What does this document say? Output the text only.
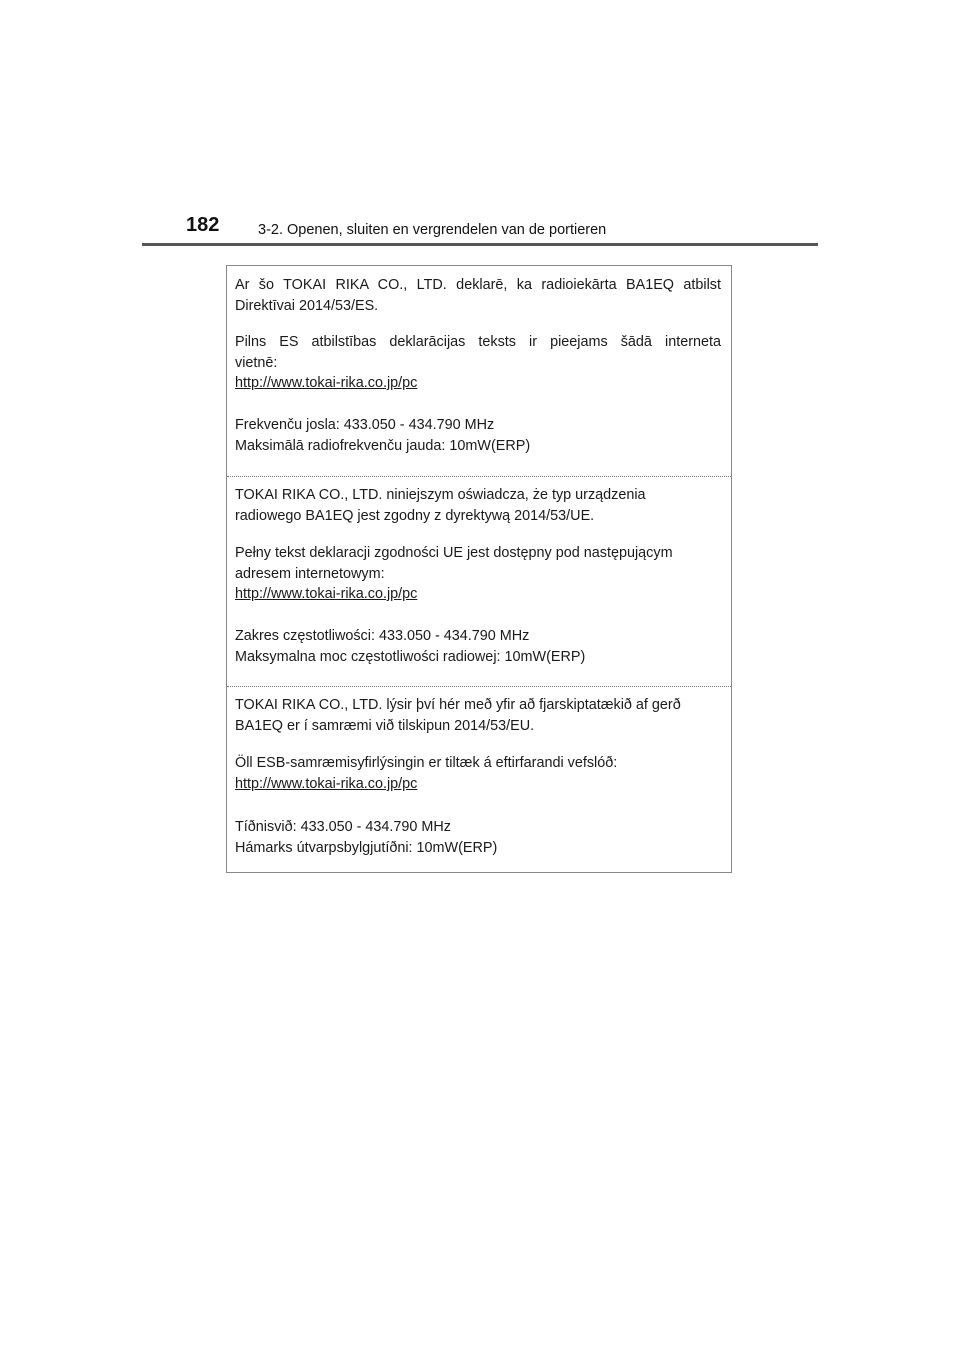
182	3-2. Openen, sluiten en vergrendelen van de portieren
Ar šo TOKAI RIKA CO., LTD. deklarē, ka radioiekārta BA1EQ atbilst
Direktīvai 2014/53/ES.
Pilns ES atbilstības deklarācijas teksts ir pieejams šādā interneta
vietnē:
http://www.tokai-rika.co.jp/pc
Frekvenču josla: 433.050 - 434.790 MHz
Maksimālā radiofrekvenču jauda: 10mW(ERP)
TOKAI RIKA CO., LTD. niniejszym oświadcza, że typ urządzenia
radiowego BA1EQ jest zgodny z dyrektywą 2014/53/UE.
Pełny tekst deklaracji zgodności UE jest dostępny pod następującym
adresem internetowym:
http://www.tokai-rika.co.jp/pc
Zakres częstotliwości: 433.050 - 434.790 MHz
Maksymalna moc częstotliwości radiowej: 10mW(ERP)
TOKAI RIKA CO., LTD. lýsir því hér með yfir að fjarskiptatækið af gerð
BA1EQ er í samræmi við tilskipun 2014/53/EU.
Öll ESB-samræmisyfirlýsingin er tiltæk á eftirfarandi vefslóð:
http://www.tokai-rika.co.jp/pc
Tíðnisvið: 433.050 - 434.790 MHz
Hámarks útvarpsbylgjutíðni: 10mW(ERP)
